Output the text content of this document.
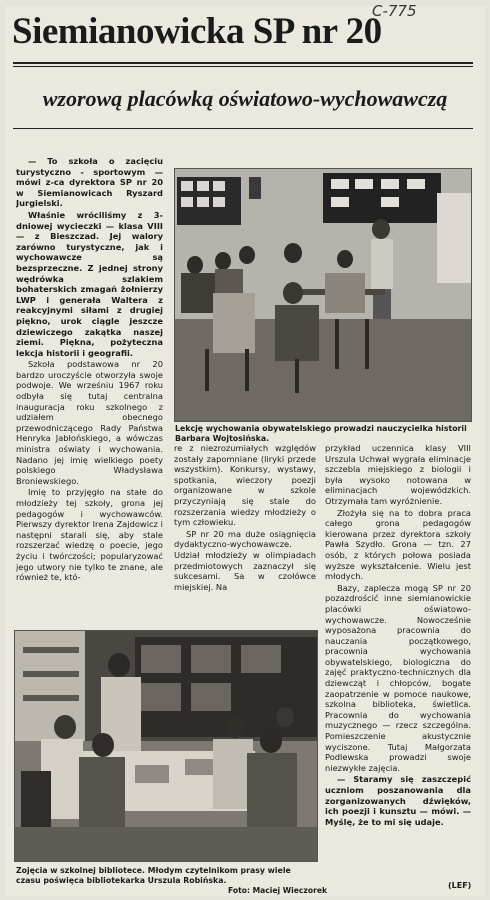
C-775
Siemianowicka SP nr 20
wzorową placówką oświatowo-wychowawczą

— To szkoła o zacięciu turystyczno - sportowym — mówi z-ca dyrektora SP nr 20 w Siemianowicach Ryszard Jurgielski.

Właśnie wróciliśmy z 3-dniowej wycieczki — klasa VIII — z Bieszczad. Jej walory zarówno turystyczne, jak i wychowawcze są bezsprzeczne. Z jednej strony wędrówka szlakiem bohaterskich zmagań żołnierzy LWP i generała Waltera z reakcyjnymi siłami z drugiej piękno, urok ciągle jeszcze dziewiczego zakątka naszej ziemi. Piękna, pożyteczna lekcja historii i geografii.

Szkoła podstawowa nr 20 bardzo uroczyście otworzyła swoje podwoje. We wrześniu 1967 roku odbyła się tutaj centralna inauguracja roku szkolnego z udziałem obecnego przewodniczącego Rady Państwa Henryka Jabłońskiego, a wówczas ministra oświaty i wychowania. Nadano jej imię wielkiego poety polskiego Władysława Broniewskiego.

Imię to przyjęgło na stałe do młodzieży tej szkoły, grona jej pedagogów i wychowawców. Pierwszy dyrektor Irena Zajdowicz i następni starali się, aby stale rozszerzać wiedzę o poecie, jego życiu i twórczości; popularyzować jego utwory nie tylko te znane, ale również te, któ-

Lekcję wychowania obywatelskiego prowadzi nauczycielka historii Barbara Wojtosińska.

re z niezrozumiałych względów zostały zapomniane (liryki przede wszystkim). Konkursy, wystawy, spotkania, wieczory poezji organizowane w szkole przyczyniają się stale do rozszerzania wiedzy młodzieży o tym człowieku.

SP nr 20 ma duże osiągnięcia dydaktyczno-wychowawcze. Udział młodzieży w olimpiadach przedmiotowych zaznaczył się sukcesami. Sa w czołówce miejskiej. Na

przykład uczennica klasy VIII Urszula Uchwał wygrała eliminacje szczebla miejskiego z biologii i była wysoko notowana w eliminacjach wojewódzkich. Otrzymała tam wyróżnienie.

Złożyła się na to dobra praca całego grona pedagogów kierowana przez dyrektora szkoły Pawła Szydło. Grona — tzn. 27 osób, z których połowa posiada wyższe wykształcenie. Wielu jest młodych.

Bazy, zaplecza mogą SP nr 20 pozazdrościć inne siemianowickie placówki oświatowo-wychowawcze. Nowocześnie wyposażona pracownia do nauczania początkowego, pracownia wychowania obywatelskiego, biologiczna do zajęć praktyczno-technicznych dla dziewcząt i chłopców, bogate zaopatrzenie w pomoce naukowe, szkolna biblioteka, świetlica. Pracownia do wychowania muzycznego — rzecz szczególna. Pomieszczenie akustycznie wyciszone. Tutaj Małgorzata Podlewska prowadzi swoje niezwykłe zajęcia.

— Staramy się zaszczepić uczniom poszanowania dla zorganizowanych dźwięków, ich poezji i kunsztu — mówi. — Myślę, że to mi się udaje.

Zojęcia w szkolnej bibliotece. Młodym czytelnikom prasy wiele czasu poświęca bibliotekarka Urszula Robińska.
Foto: Maciej Wieczorek
(LEF)
